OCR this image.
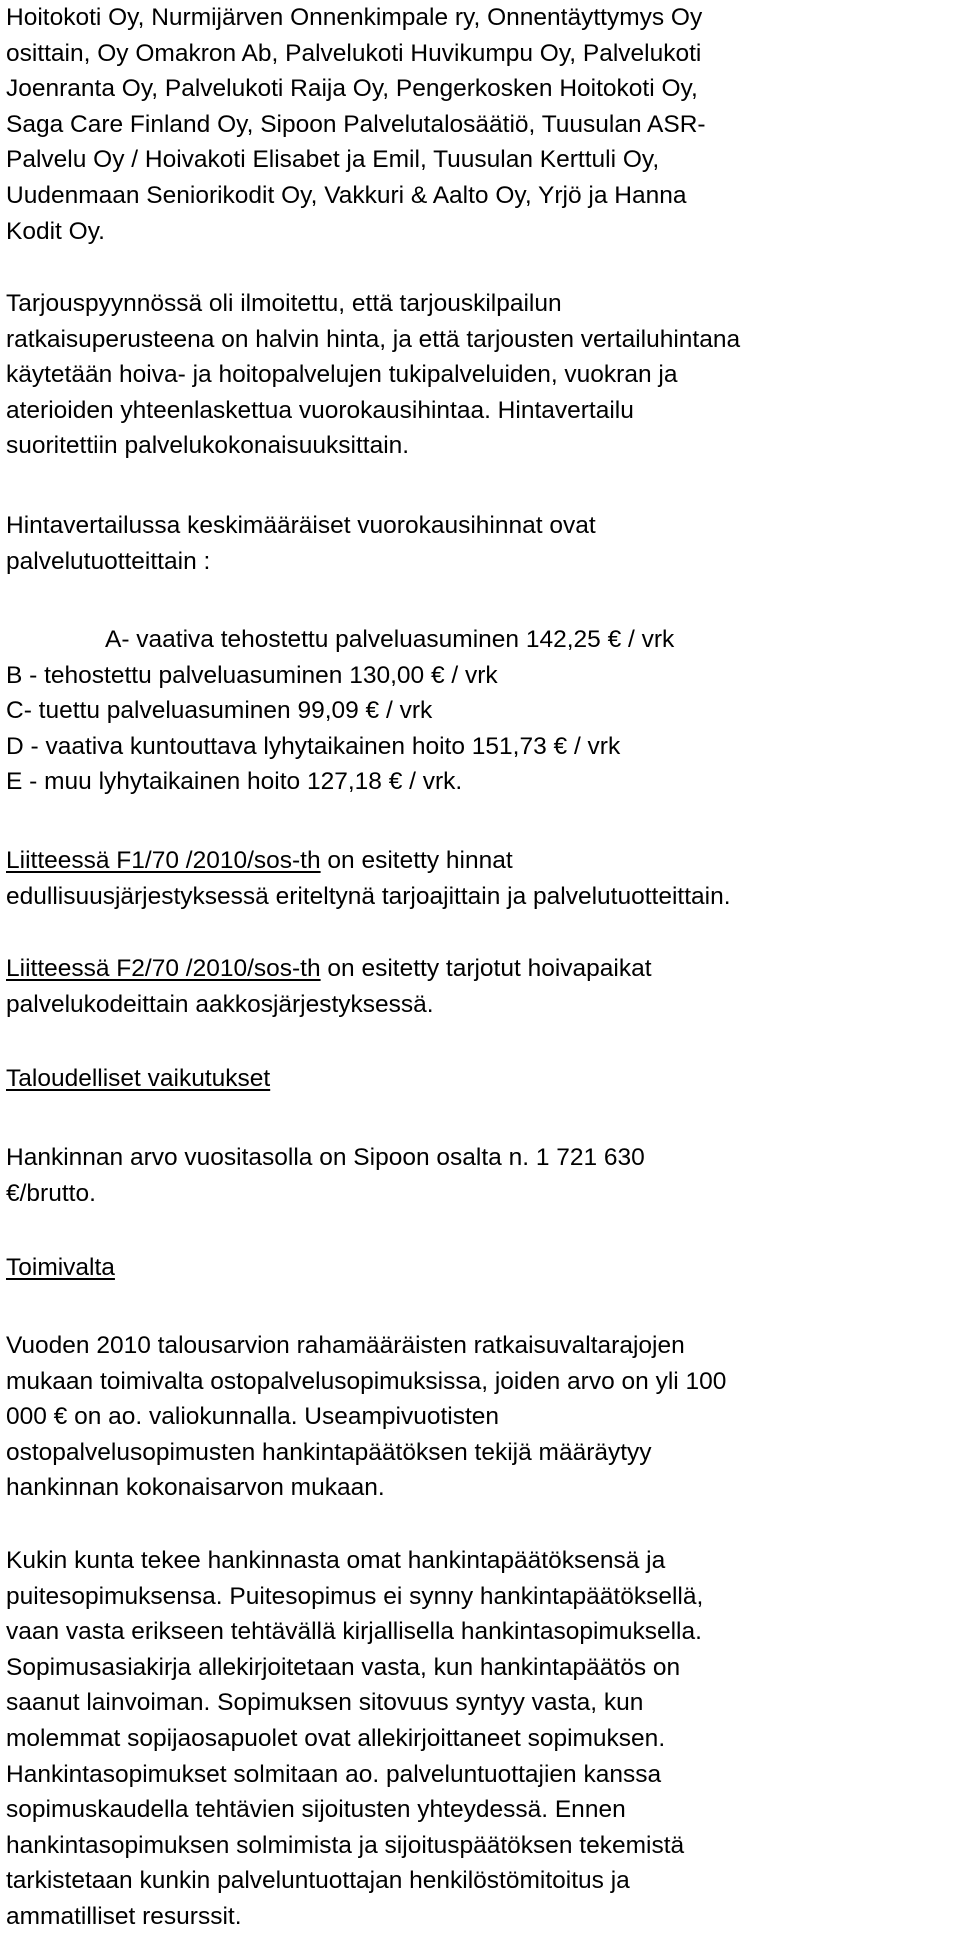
Hoitokoti Oy, Nurmijärven Onnenkimpale ry, Onnentäyttymys Oy
osittain, Oy Omakron Ab, Palvelukoti Huvikumpu Oy, Palvelukoti
Joenranta Oy, Palvelukoti Raija Oy, Pengerkosken Hoitokoti Oy,
Saga Care Finland Oy, Sipoon Palvelutalosäätiö, Tuusulan ASR-
Palvelu Oy / Hoivakoti Elisabet ja Emil, Tuusulan Kerttuli Oy,
Uudenmaan Seniorikodit Oy, Vakkuri & Aalto Oy, Yrjö ja Hanna
Kodit Oy.

Tarjouspyynnössä oli ilmoitettu, että tarjouskilpailun
ratkaisuperusteena on halvin hinta, ja että tarjousten vertailuhintana
käytetään hoiva- ja hoitopalvelujen tukipalveluiden, vuokran ja
aterioiden yhteenlaskettua vuorokausihintaa. Hintavertailu
suoritettiin palvelukokonaisuuksittain.

Hintavertailussa keskimääräiset vuorokausihinnat ovat
palvelutuotteittain :

A- vaativa tehostettu palveluasuminen 142,25 € / vrk
B - tehostettu palveluasuminen 130,00 € / vrk
C- tuettu palveluasuminen 99,09 € / vrk
D - vaativa kuntouttava lyhytaikainen hoito 151,73 € / vrk
E - muu lyhytaikainen hoito 127,18 € / vrk.

Liitteessä F1/70 /2010/sos-th on esitetty hinnat
edullisuusjärjestyksessä eriteltynä tarjoajittain ja palvelutuotteittain.

Liitteessä F2/70 /2010/sos-th on esitetty tarjotut hoivapaikat
palvelukodeittain aakkosjärjestyksessä.

Taloudelliset vaikutukset

Hankinnan arvo vuositasolla on Sipoon osalta n. 1 721 630
€/brutto.

Toimivalta

Vuoden 2010 talousarvion rahamääräisten ratkaisuvaltarajojen
mukaan toimivalta ostopalvelusopimuksissa, joiden arvo on yli 100
000 € on ao. valiokunnalla. Useampivuotisten
ostopalvelusopimusten hankintapäätöksen tekijä määräytyy
hankinnan kokonaisarvon mukaan.

Kukin kunta tekee hankinnasta omat hankintapäätöksensä ja
puitesopimuksensa. Puitesopimus ei synny hankintapäätöksellä,
vaan vasta erikseen tehtävällä kirjallisella hankintasopimuksella.
Sopimusasiakirja allekirjoitetaan vasta, kun hankintapäätös on
saanut lainvoiman. Sopimuksen sitovuus syntyy vasta, kun
molemmat sopijaosapuolet ovat allekirjoittaneet sopimuksen.
Hankintasopimukset solmitaan ao. palveluntuottajien kanssa
sopimuskaudella tehtävien sijoitusten yhteydessä. Ennen
hankintasopimuksen solmimista ja sijoituspäätöksen tekemistä
tarkistetaan kunkin palveluntuottajan henkilöstömitoitus ja
ammatilliset resurssit.
